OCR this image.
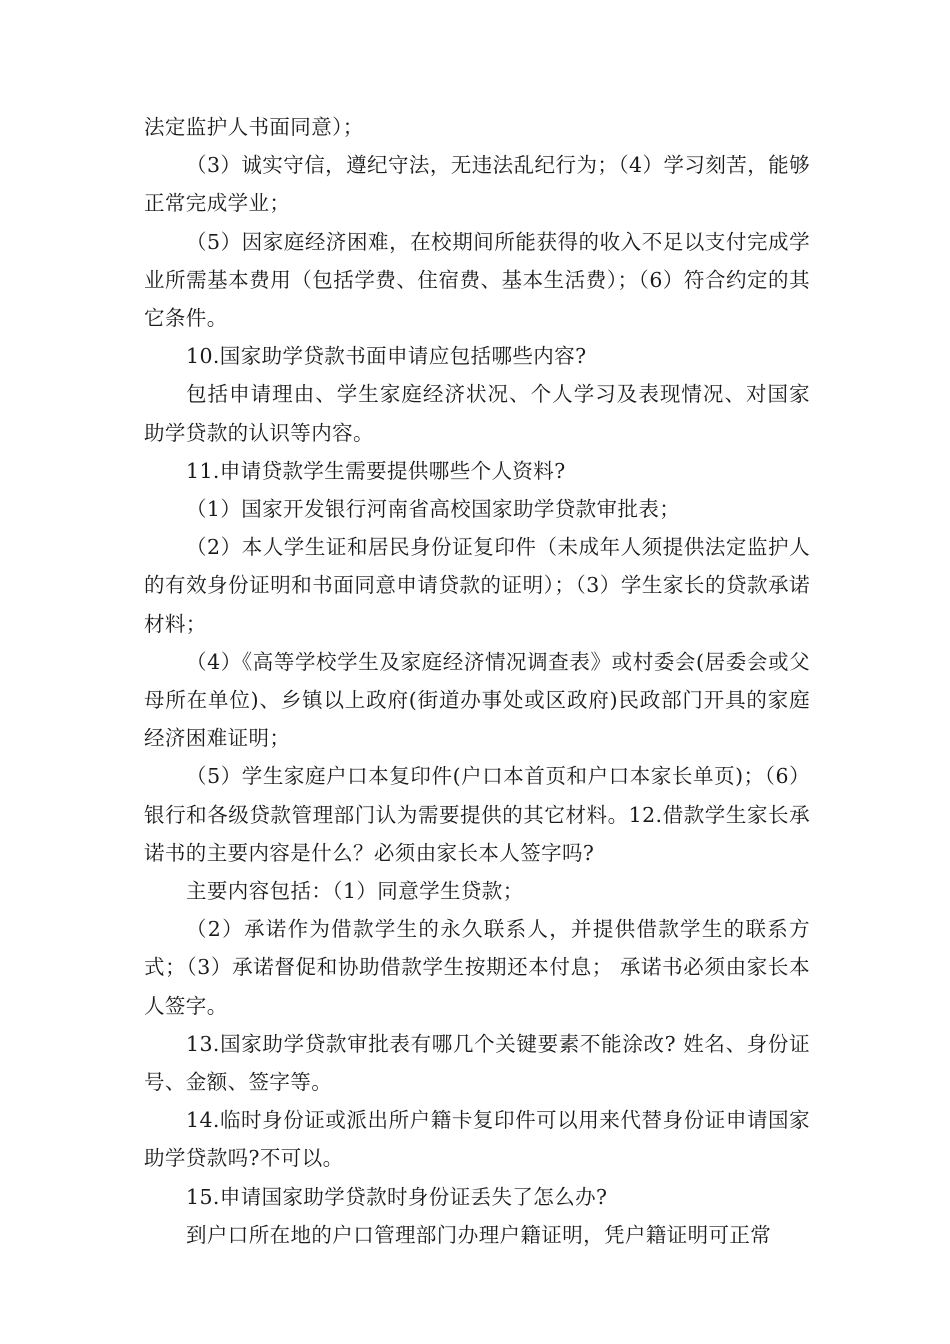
法定监护人书面同意）；

（3）诚实守信，遵纪守法，无违法乱纪行为；（4）学习刻苦，能够正常完成学业；

（5）因家庭经济困难，在校期间所能获得的收入不足以支付完成学业所需基本费用（包括学费、住宿费、基本生活费）；（6）符合约定的其它条件。

10.国家助学贷款书面申请应包括哪些内容?

包括申请理由、学生家庭经济状况、个人学习及表现情况、对国家助学贷款的认识等内容。

11.申请贷款学生需要提供哪些个人资料?

（1）国家开发银行河南省高校国家助学贷款审批表；

（2）本人学生证和居民身份证复印件（未成年人须提供法定监护人的有效身份证明和书面同意申请贷款的证明）；（3）学生家长的贷款承诺材料；

（4）《高等学校学生及家庭经济情况调查表》或村委会(居委会或父 母所在单位)、乡镇以上政府(街道办事处或区政府)民政部门开具的家庭经济困难证明；

（5）学生家庭户口本复印件(户口本首页和户口本家长单页)；（6）银行和各级贷款管理部门认为需要提供的其它材料。12.借款学生家长承诺书的主要内容是什么？必须由家长本人签字吗?

主要内容包括：（1）同意学生贷款；

（2）承诺作为借款学生的永久联系人，并提供借款学生的联系方式；（3）承诺督促和协助借款学生按期还本付息； 承诺书必须由家长本人签字。

13.国家助学贷款审批表有哪几个关键要素不能涂改? 姓名、身份证号、金额、签字等。

14.临时身份证或派出所户籍卡复印件可以用来代替身份证申请国家助学贷款吗?不可以。

15.申请国家助学贷款时身份证丢失了怎么办?

到户口所在地的户口管理部门办理户籍证明，凭户籍证明可正常
